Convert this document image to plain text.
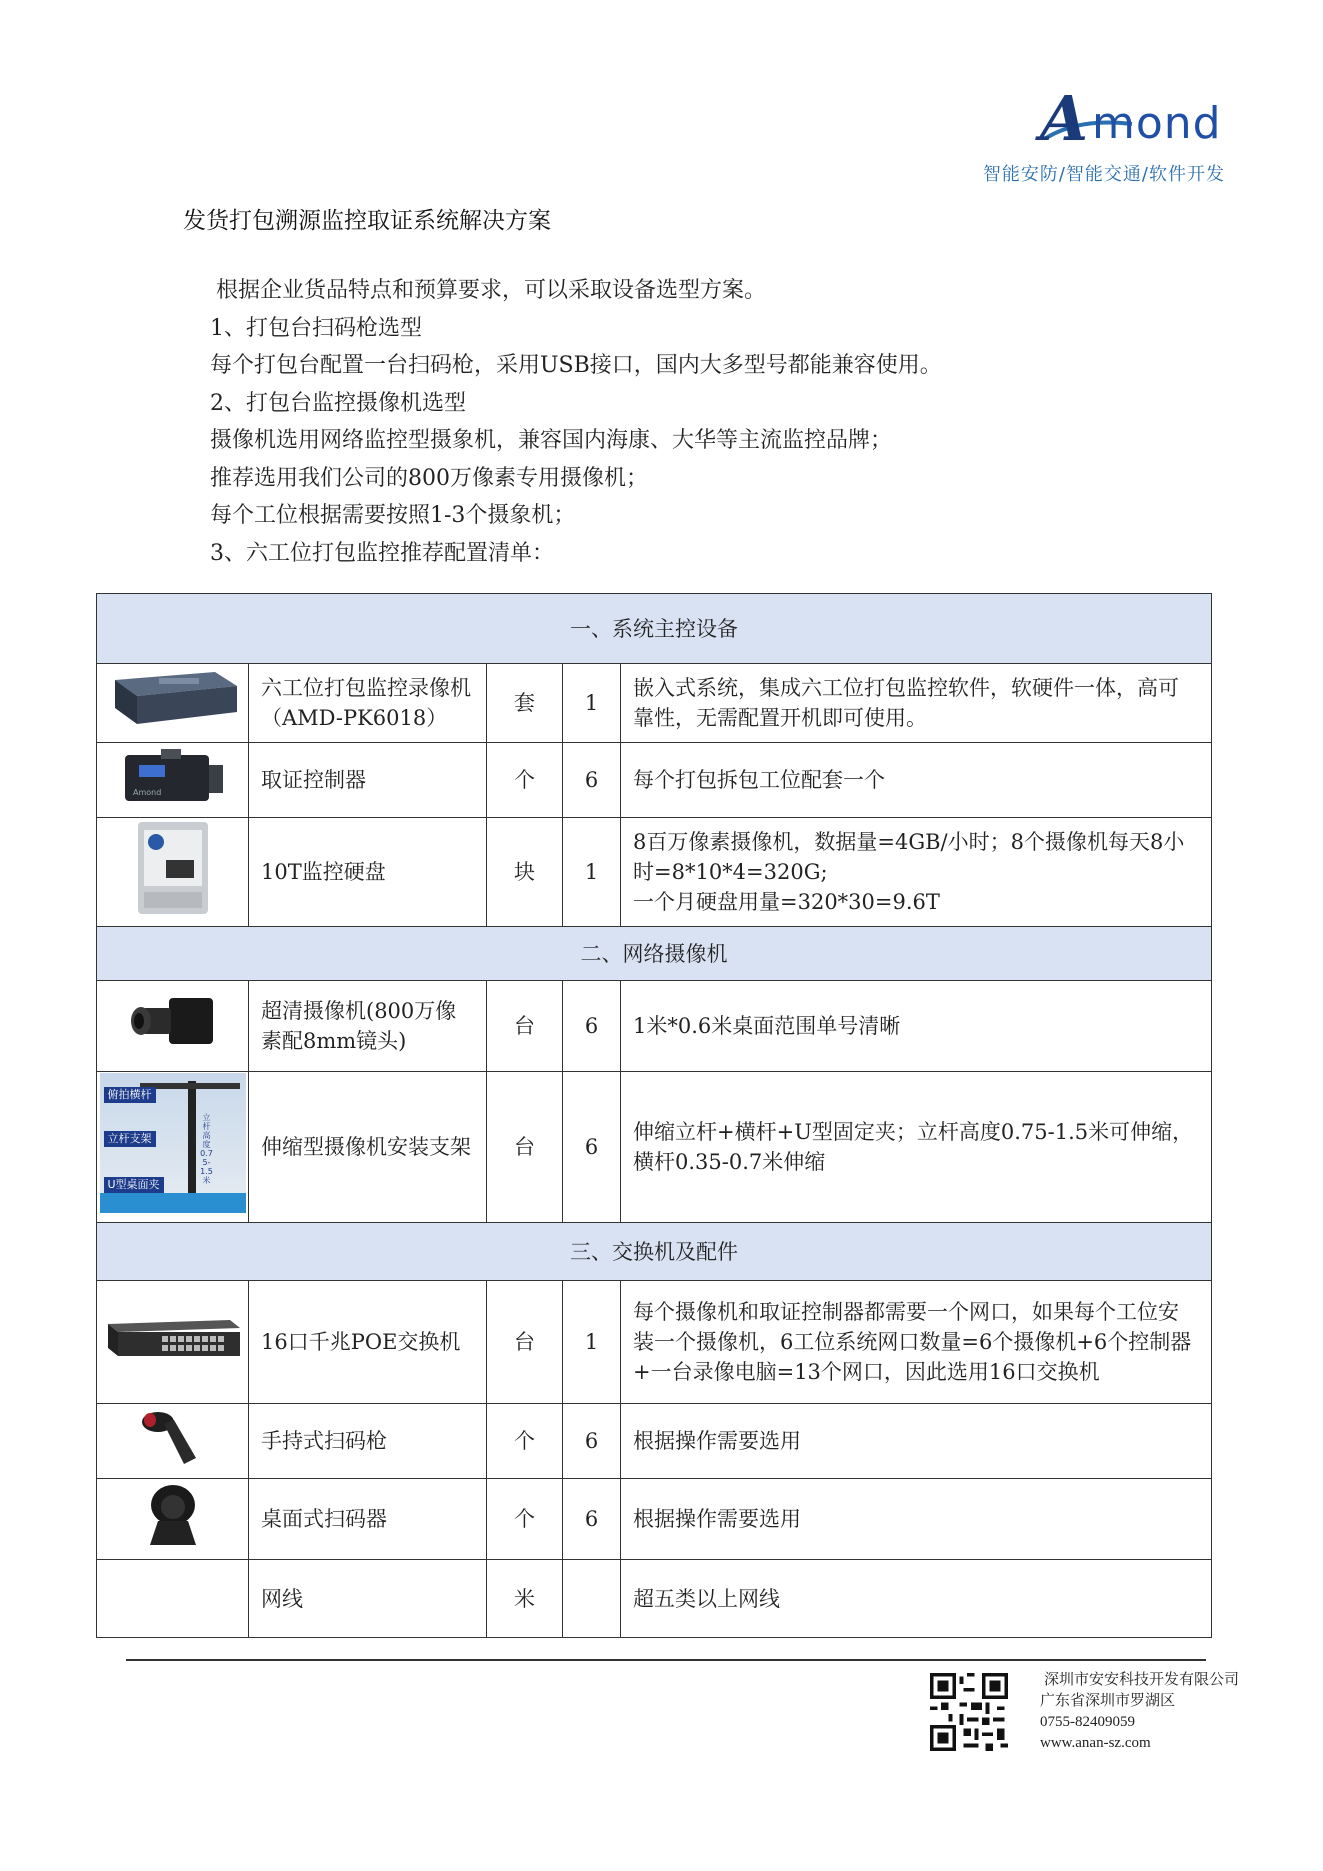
A mond
智能安防/智能交通/软件开发
发货打包溯源监控取证系统解决方案

根据企业货品特点和预算要求，可以采取设备选型方案。

1、打包台扫码枪选型

每个打包台配置一台扫码枪，采用USB接口，国内大多型号都能兼容使用。

2、打包台监控摄像机选型

摄像机选用网络监控型摄象机，兼容国内海康、大华等主流监控品牌；

推荐选用我们公司的800万像素专用摄像机；

每个工位根据需要按照1-3个摄象机；

3、六工位打包监控推荐配置清单：

一、系统主控设备				
	六工位打包监控录像机（AMD-PK6018）	套	1	嵌入式系统，集成六工位打包监控软件，软硬件一体，高可靠性，无需配置开机即可使用。

Amond	取证控制器	个	6	每个打包拆包工位配套一个
	10T监控硬盘	块	1	8百万像素摄像机，数据量=4GB/小时；8个摄像机每天8小时=8*10*4=320G;
一个月硬盘用量=320*30=9.6T

二、网络摄像机				
	超清摄像机(800万像素配8mm镜头)	台	6	1米*0.6米桌面范围单号清晰

俯拍横杆
立杆支架
U型桌面夹
立杆高度0.75-1.5米	伸缩型摄像机安装支架	台	6	伸缩立杆+横杆+U型固定夹；立杆高度0.75-1.5米可伸缩，横杆0.35-0.7米伸缩
三、交换机及配件				
	16口千兆POE交换机	台	1	每个摄像机和取证控制器都需要一个网口，如果每个工位安装一个摄像机，6工位系统网口数量=6个摄像机+6个控制器+一台录像电脑=13个网口，因此选用16口交换机
	手持式扫码枪	个	6	根据操作需要选用
	桌面式扫码器	个	6	根据操作需要选用
	网线	米		超五类以上网线
深圳市安安科技开发有限公司
广东省深圳市罗湖区
0755-82409059
www.anan-sz.com
